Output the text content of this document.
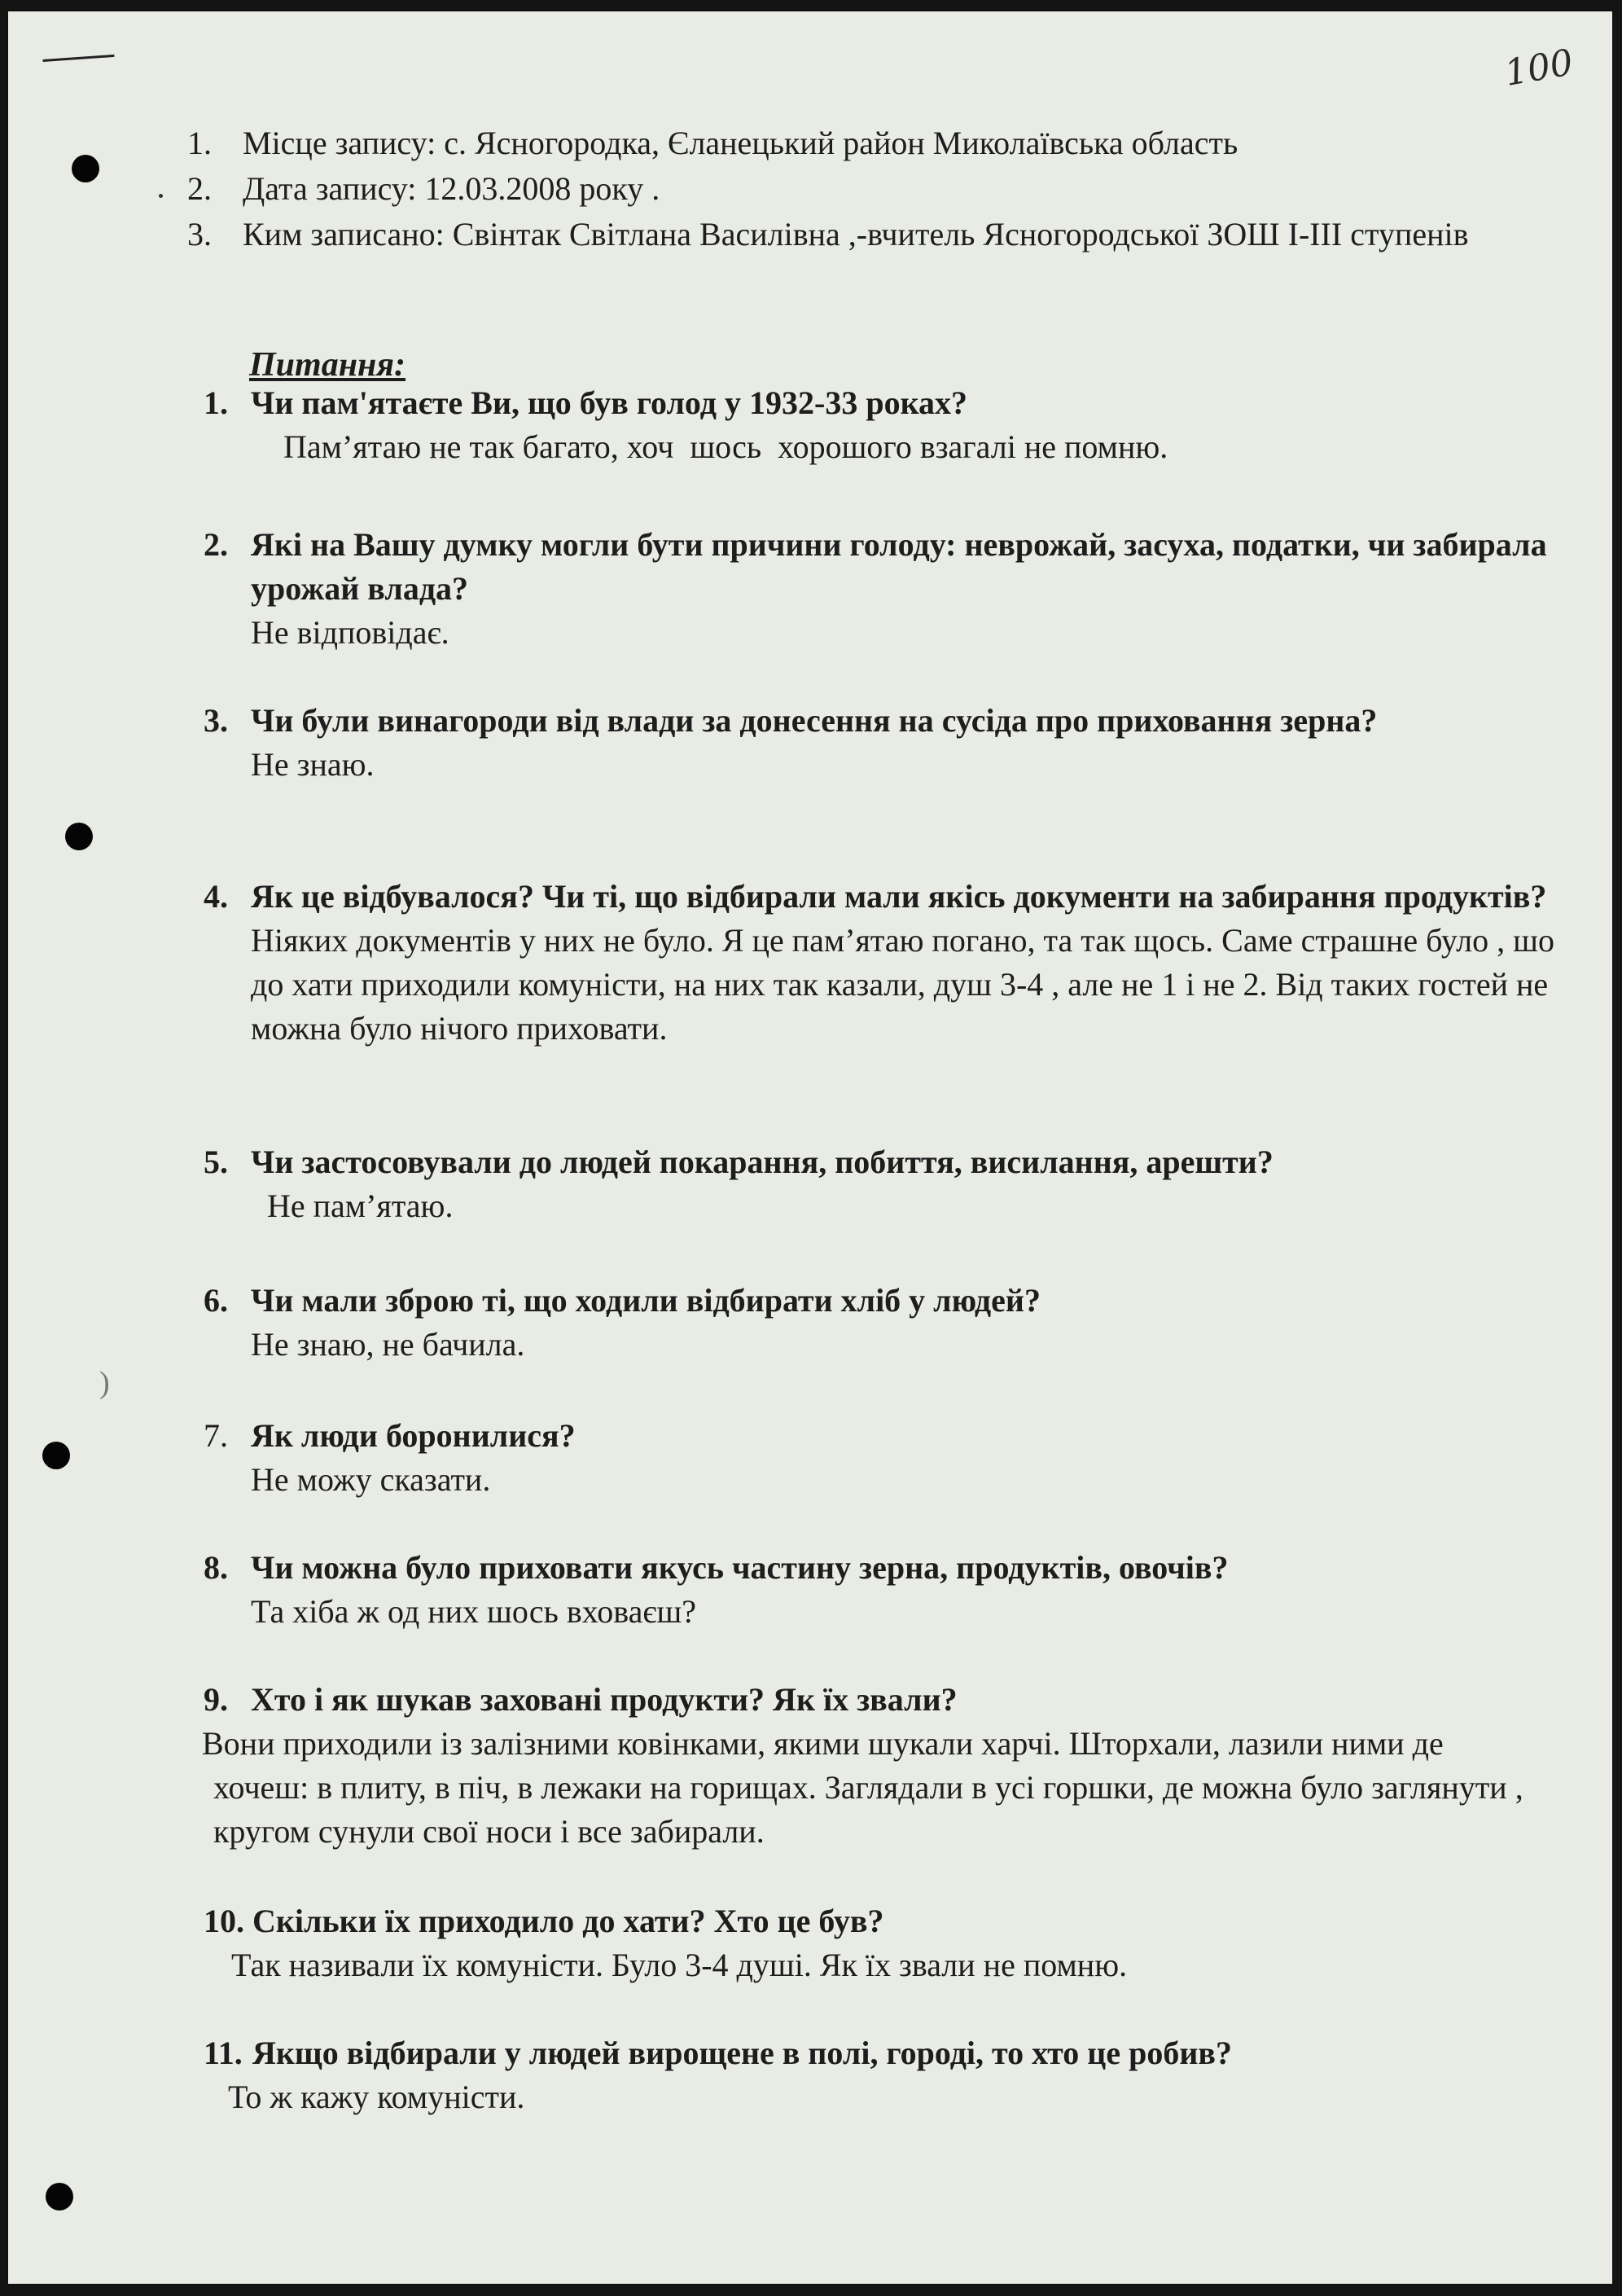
100
)
1. Місце запису: с. Ясногородка, Єланецький район Миколаївська область
2. Дата запису: 12.03.2008 року .
3. Ким записано: Свінтак Світлана Василівна ,-вчитель Ясногородської ЗОШ І-ІІІ ступенів
Питання:
1. Чи пам'ятаєте Ви, що був голод у 1932-33 роках?
Пам’ятаю не так багато, хоч  шось  хорошого взагалі не помню.
2. Які на Вашу думку могли бути причини голоду: неврожай, засуха, податки, чи забирала урожай влада?
Не відповідає.
3. Чи були винагороди від влади за донесення на сусіда про приховання зерна?
Не знаю.
4. Як це відбувалося? Чи ті, що відбирали мали якісь документи на забирання продуктів?
Ніяких документів у них не було. Я це пам’ятаю погано, та так щось. Саме страшне було , шо до хати приходили комуністи, на них так казали, душ 3-4 , але не 1 і не 2. Від таких гостей не можна було нічого приховати.
5. Чи застосовували до людей покарання, побиття, висилання, арешти?
Не пам’ятаю.
6. Чи мали зброю ті, що ходили відбирати хліб у людей?
Не знаю, не бачила.
7. Як люди боронилися?
Не можу сказати.
8. Чи можна було приховати якусь частину зерна, продуктів, овочів?
Та хіба ж од них шось вховаєш?
9. Хто і як шукав заховані продукти? Як їх звали?
Вони приходили із залізними ковінками, якими шукали харчі. Шторхали, лазили ними де хочеш: в плиту, в піч, в лежаки на горищах. Заглядали в усі горшки, де можна було заглянути , кругом сунули свої носи і все забирали.
10. Скільки їх приходило до хати? Хто це був?
Так називали їх комуністи. Було 3-4 душі. Як їх звали не помню.
11. Якщо відбирали у людей вирощене в полі, городі, то хто це робив?
То ж кажу комуністи.
